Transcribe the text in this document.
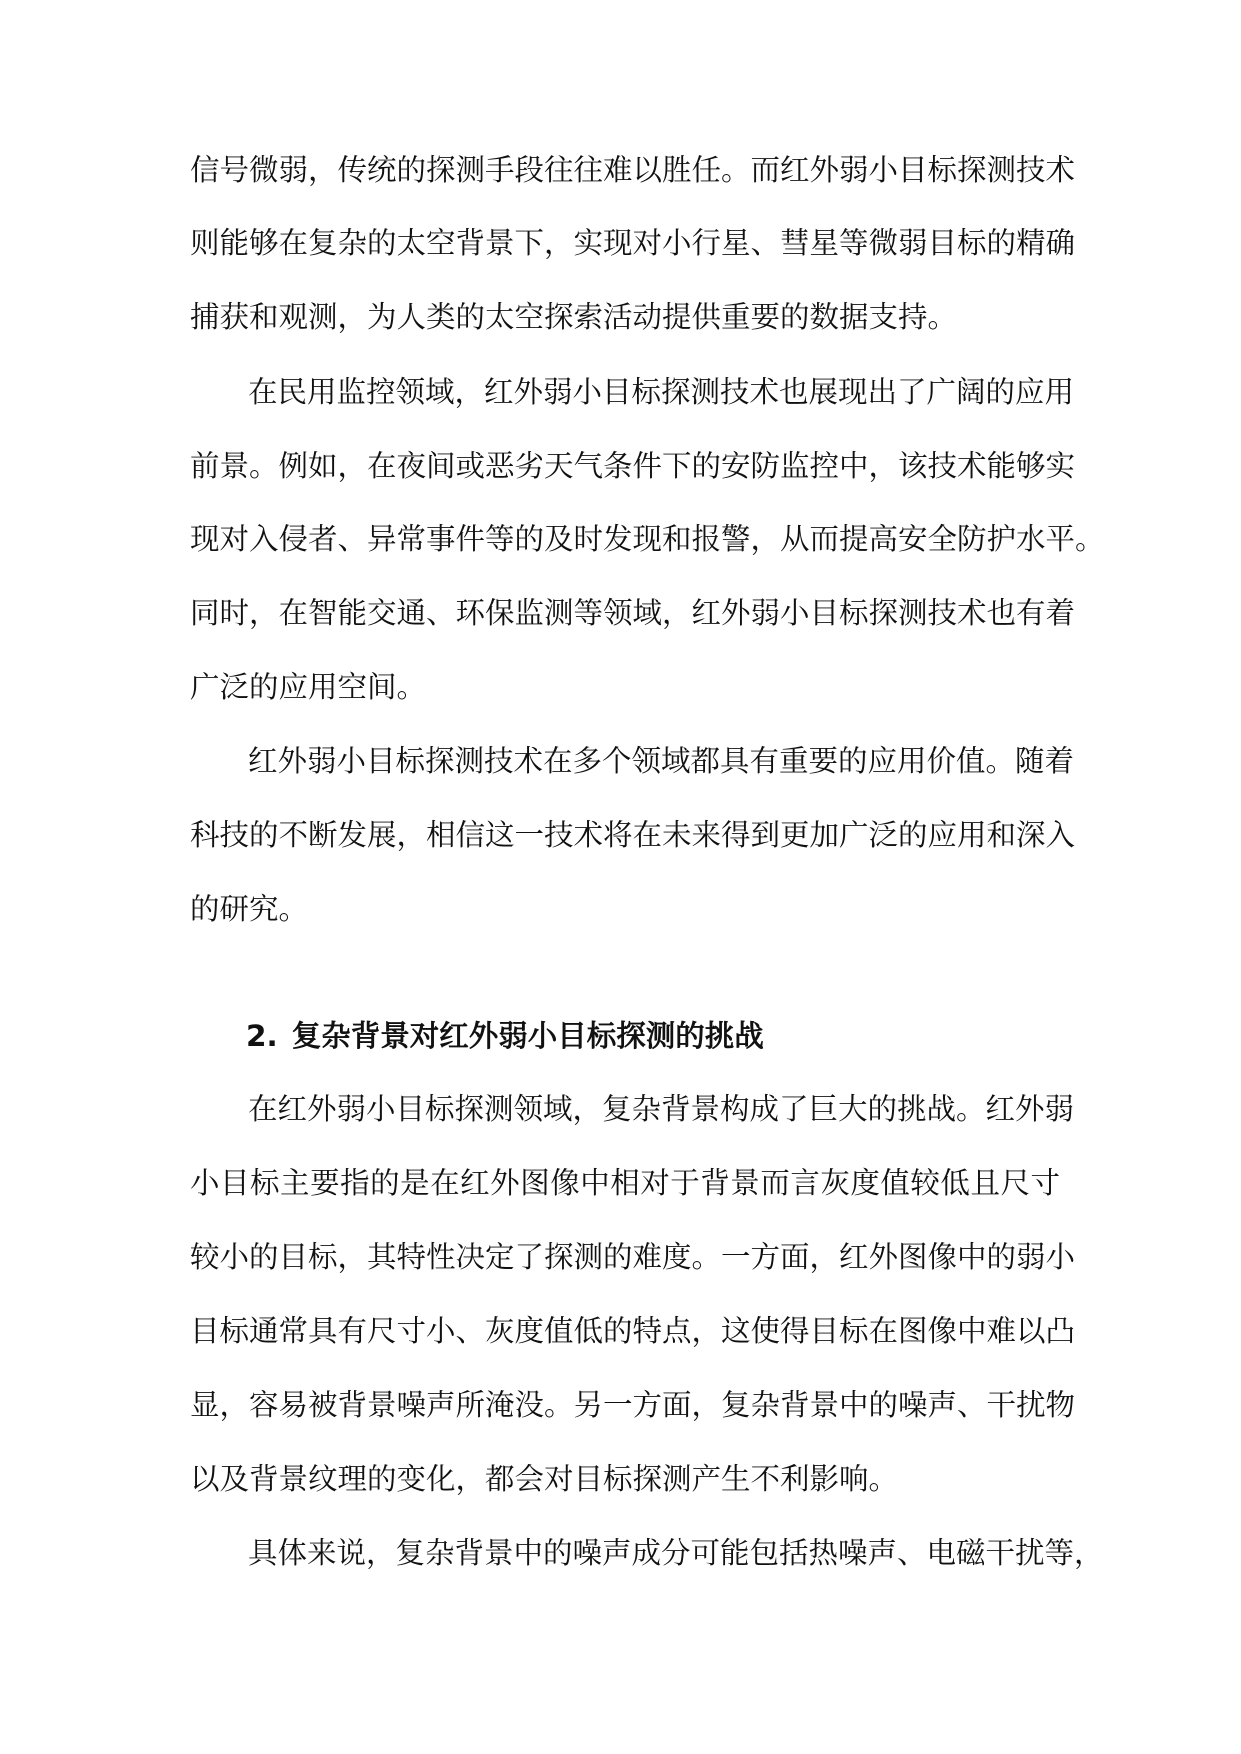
信号微弱，传统的探测手段往往难以胜任。而红外弱小目标探测技术
则能够在复杂的太空背景下，实现对小行星、彗星等微弱目标的精确
捕获和观测，为人类的太空探索活动提供重要的数据支持。
在民用监控领域，红外弱小目标探测技术也展现出了广阔的应用
前景。例如，在夜间或恶劣天气条件下的安防监控中，该技术能够实
现对入侵者、异常事件等的及时发现和报警，从而提高安全防护水平。
同时，在智能交通、环保监测等领域，红外弱小目标探测技术也有着
广泛的应用空间。
红外弱小目标探测技术在多个领域都具有重要的应用价值。随着
科技的不断发展，相信这一技术将在未来得到更加广泛的应用和深入
的研究。
2. 复杂背景对红外弱小目标探测的挑战
在红外弱小目标探测领域，复杂背景构成了巨大的挑战。红外弱
小目标主要指的是在红外图像中相对于背景而言灰度值较低且尺寸
较小的目标，其特性决定了探测的难度。一方面，红外图像中的弱小
目标通常具有尺寸小、灰度值低的特点，这使得目标在图像中难以凸
显，容易被背景噪声所淹没。另一方面，复杂背景中的噪声、干扰物
以及背景纹理的变化，都会对目标探测产生不利影响。
具体来说，复杂背景中的噪声成分可能包括热噪声、电磁干扰等，
